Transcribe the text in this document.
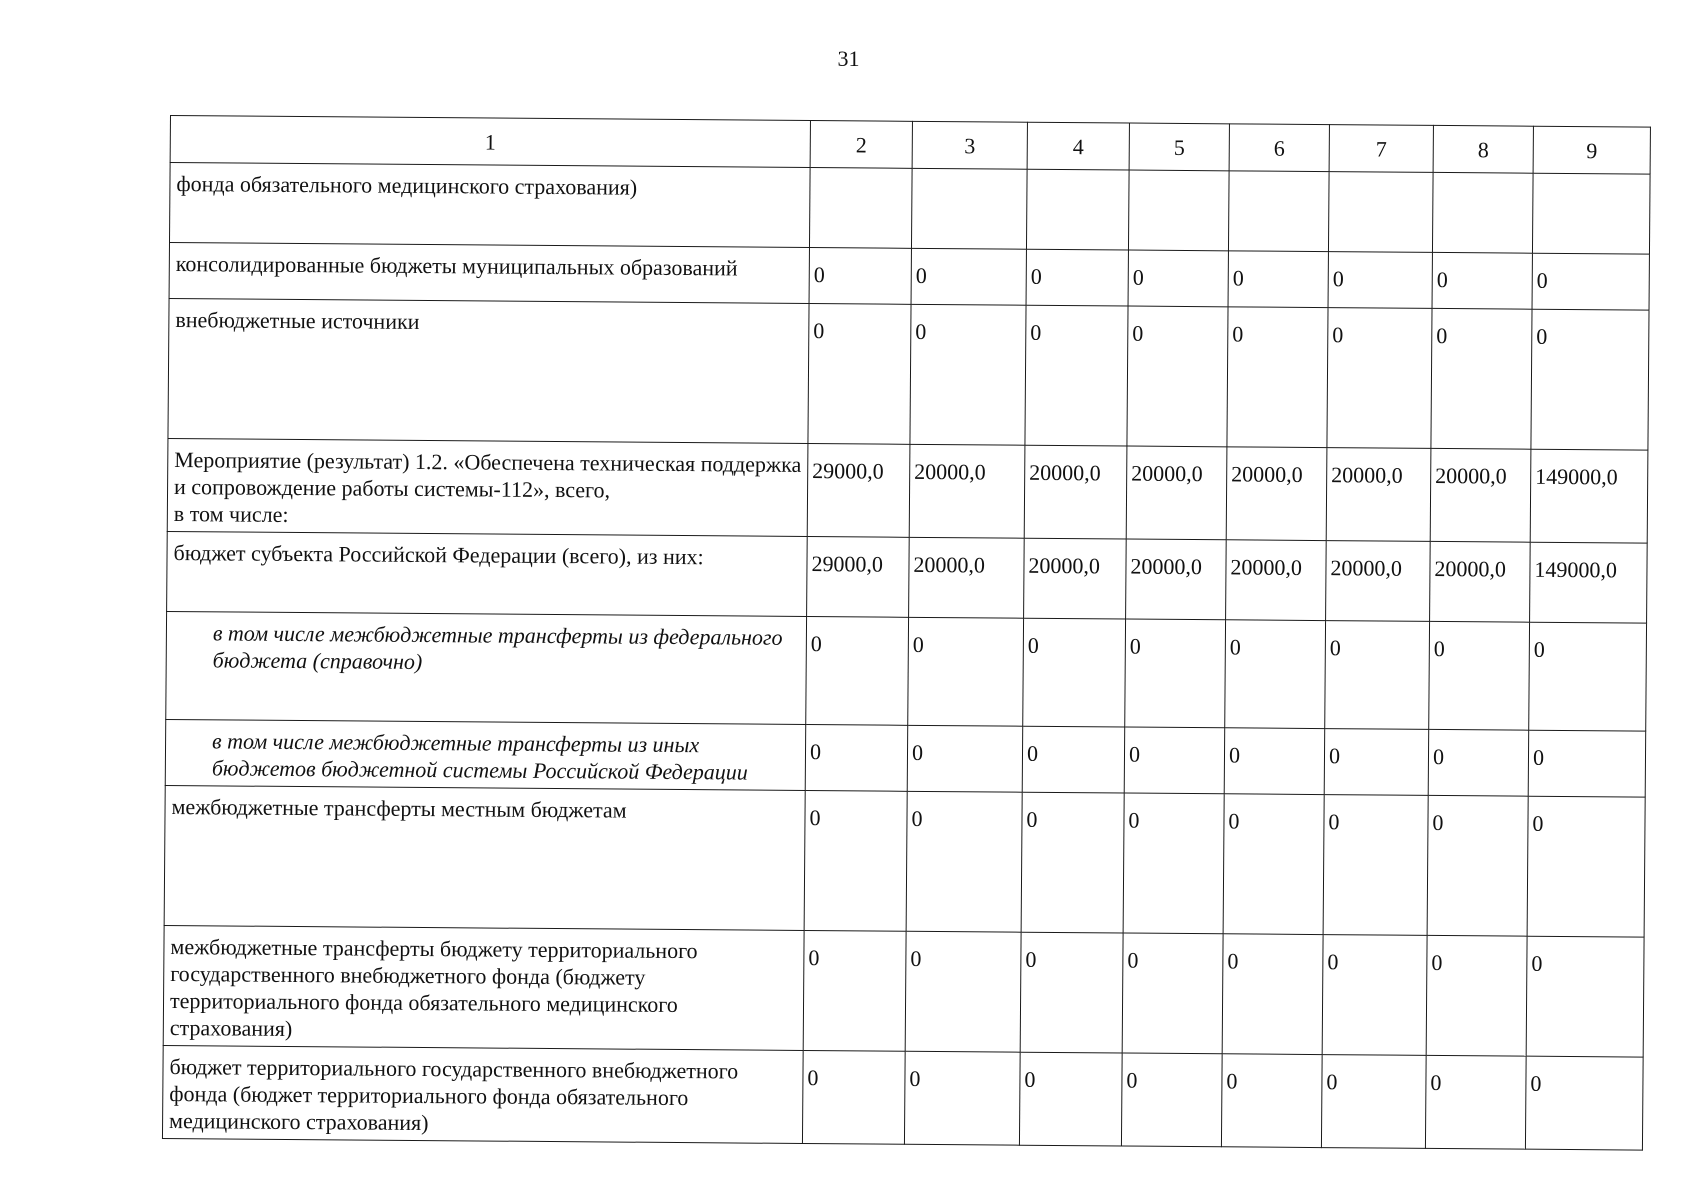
31
1	2	3	4	5	6	7	8	9
фонда обязательного медицинского страхования)								
консолидированные бюджеты муниципальных образований	0	0	0	0	0	0	0	0
внебюджетные источники	0	0	0	0	0	0	0	0
Мероприятие (результат) 1.2. «Обеспечена техническая поддержка и сопровождение работы системы-112», всего,
в том числе:	29000,0	20000,0	20000,0	20000,0	20000,0	20000,0	20000,0	149000,0
бюджет субъекта Российской Федерации (всего), из них:	29000,0	20000,0	20000,0	20000,0	20000,0	20000,0	20000,0	149000,0
в том числе межбюджетные трансферты из федерального бюджета (справочно)	0	0	0	0	0	0	0	0
в том числе межбюджетные трансферты из иных бюджетов бюджетной системы Российской Федерации	0	0	0	0	0	0	0	0
межбюджетные трансферты местным бюджетам	0	0	0	0	0	0	0	0
межбюджетные трансферты бюджету территориального государственного внебюджетного фонда (бюджету территориального фонда обязательного медицинского страхования)	0	0	0	0	0	0	0	0
бюджет территориального государственного внебюджетного фонда (бюджет территориального фонда обязательного медицинского страхования)	0	0	0	0	0	0	0	0
